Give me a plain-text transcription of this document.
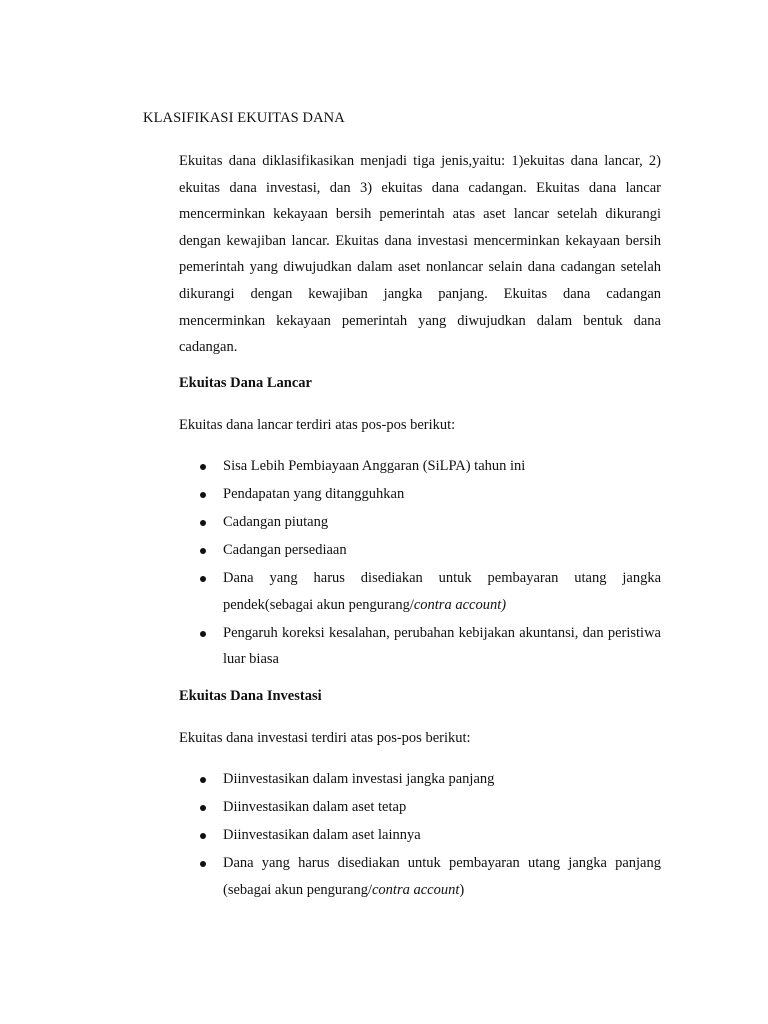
KLASIFIKASI EKUITAS DANA

Ekuitas dana diklasifikasikan menjadi tiga jenis,yaitu: 1)ekuitas dana lancar, 2) ekuitas dana investasi, dan 3) ekuitas dana cadangan. Ekuitas dana lancar mencerminkan kekayaan bersih pemerintah atas aset lancar setelah dikurangi dengan kewajiban lancar. Ekuitas dana investasi mencerminkan kekayaan bersih pemerintah yang diwujudkan dalam aset nonlancar selain dana cadangan setelah dikurangi dengan kewajiban jangka panjang. Ekuitas dana cadangan mencerminkan kekayaan pemerintah yang diwujudkan dalam bentuk dana cadangan.

Ekuitas Dana Lancar

Ekuitas dana lancar terdiri atas pos-pos berikut:

Sisa Lebih Pembiayaan Anggaran (SiLPA) tahun ini
Pendapatan yang ditangguhkan
Cadangan piutang
Cadangan persediaan
Dana yang harus disediakan untuk pembayaran utang jangka pendek(sebagai akun pengurang/contra account)
Pengaruh koreksi kesalahan, perubahan kebijakan akuntansi, dan peristiwa luar biasa
Ekuitas Dana Investasi

Ekuitas dana investasi terdiri atas pos-pos berikut:

Diinvestasikan dalam investasi jangka panjang
Diinvestasikan dalam aset tetap
Diinvestasikan dalam aset lainnya
Dana yang harus disediakan untuk pembayaran utang jangka panjang (sebagai akun pengurang/contra account)
